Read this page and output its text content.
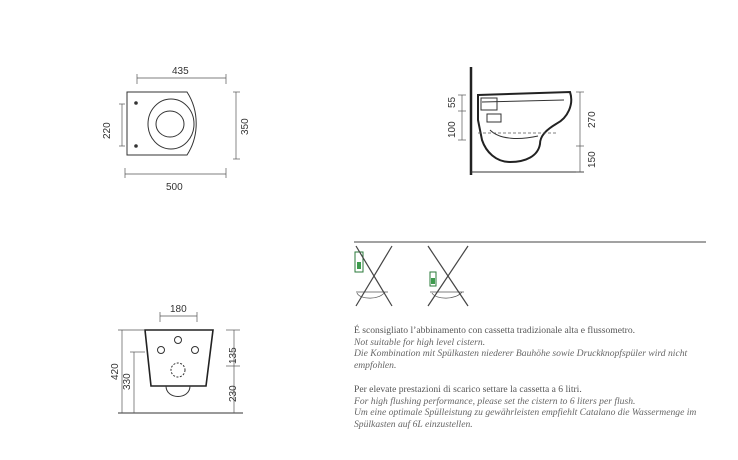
435
220	350
500
55
100
270
150
180
420
330
135
230
É sconsigliato l’abbinamento con cassetta tradizionale alta e flussometro.
Not suitable for high level cistern.
Die Kombination mit Spülkasten niederer Bauhöhe sowie Druckknopfspüler wird nicht empfohlen.
Per elevate prestazioni di scarico settare la cassetta a 6 litri.
For high flushing performance, please set the cistern to 6 liters per flush.
Um eine optimale Spülleistung zu gewährleisten empfiehlt Catalano die Wassermenge im Spülkasten auf 6L einzustellen.
